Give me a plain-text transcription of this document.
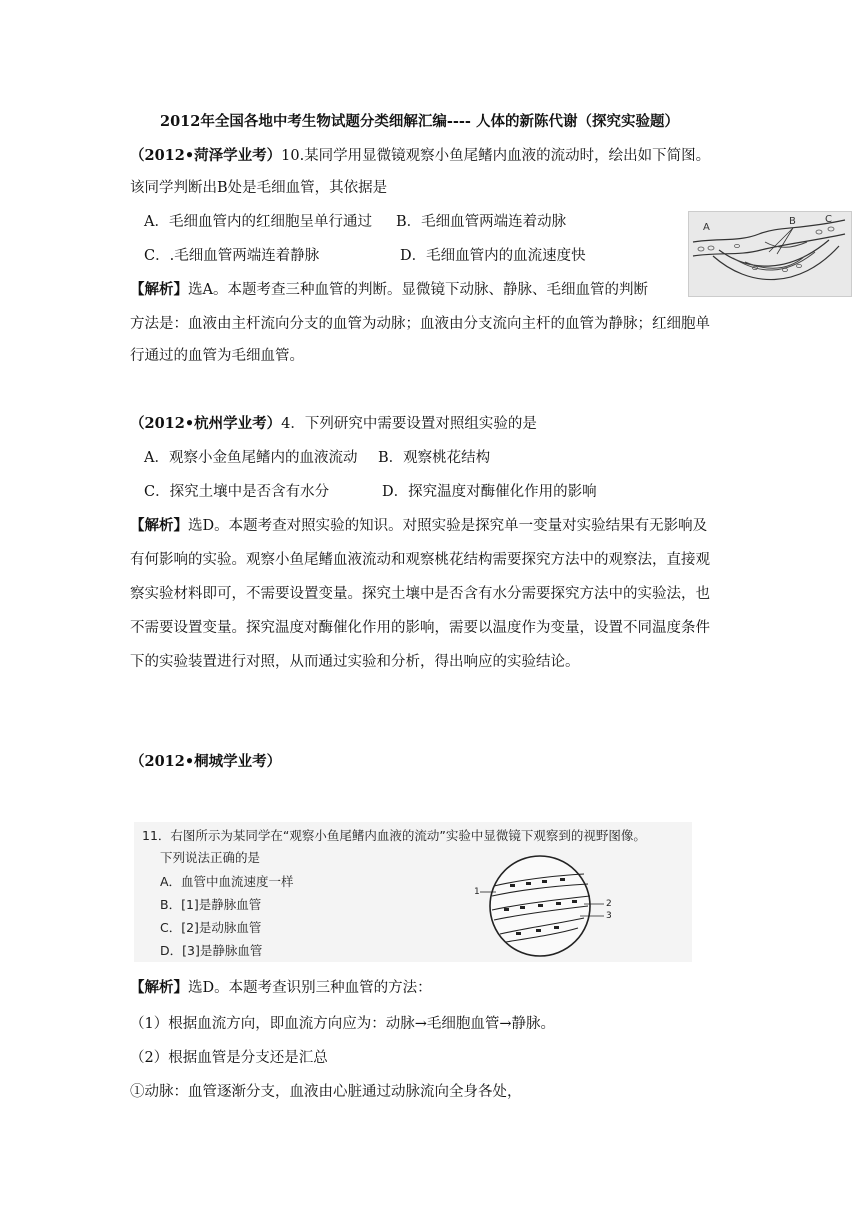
2012年全国各地中考生物试题分类细解汇编---- 人体的新陈代谢（探究实验题）
（2012•菏泽学业考）10.某同学用显微镜观察小鱼尾鳍内血液的流动时，绘出如下简图。
该同学判断出B处是毛细血管，其依据是
A．毛细血管内的红细胞呈单行通过 B．毛细血管两端连着动脉
C．.毛细血管两端连着静脉	D．毛细血管内的血流速度快
A
B	C
【解析】选A。本题考查三种血管的判断。显微镜下动脉、静脉、毛细血管的判断
方法是：血液由主杆流向分支的血管为动脉；血液由分支流向主杆的血管为静脉；红细胞单
行通过的血管为毛细血管。
（2012•杭州学业考）4．下列研究中需要设置对照组实验的是
A．观察小金鱼尾鳍内的血液流动 B．观察桃花结构
C．探究土壤中是否含有水分	D．探究温度对酶催化作用的影响
【解析】选D。本题考查对照实验的知识。对照实验是探究单一变量对实验结果有无影响及
有何影响的实验。观察小鱼尾鳍血液流动和观察桃花结构需要探究方法中的观察法，直接观
察实验材料即可，不需要设置变量。探究土壤中是否含有水分需要探究方法中的实验法，也
不需要设置变量。探究温度对酶催化作用的影响，需要以温度作为变量，设置不同温度条件
下的实验装置进行对照，从而通过实验和分析，得出响应的实验结论。
（2012•桐城学业考）
11．右图所示为某同学在“观察小鱼尾鳍内血液的流动”实验中显微镜下观察到的视野图像。
下列说法正确的是
A．血管中血流速度一样
B．[1]是静脉血管
C．[2]是动脉血管
D．[3]是静脉血管
1
2
3
【解析】选D。本题考查识别三种血管的方法：
（1）根据血流方向，即血流方向应为：动脉→毛细胞血管→静脉。
（2）根据血管是分支还是汇总
①动脉：血管逐渐分支，血液由心脏通过动脉流向全身各处，
